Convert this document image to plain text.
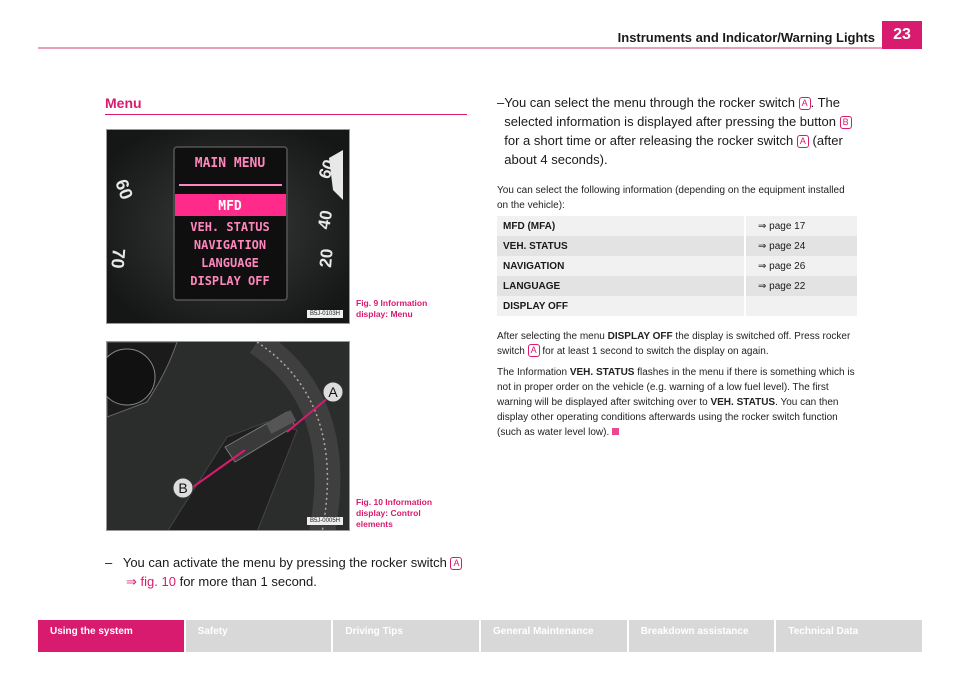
Instruments and Indicator/Warning Lights	23
Menu
60
70
60
40
20
MAIN MENU
MFD
VEH. STATUS
NAVIGATION
LANGUAGE
DISPLAY OFF
B5J-0103H
Fig. 9 Information display: Menu
A
B
B5J-0005H
Fig. 10 Information display: Control elements
– You can activate the menu by pressing the rocker switch A
⇒ fig. 10 for more than 1 second.
– You can select the menu through the rocker switch A . The selected information is displayed after pressing the button B for a short time or after releasing the rocker switch A (after about 4 seconds).

You can select the following information (depending on the equipment installed on the vehicle):

MFD (MFA)	⇒ page 17
VEH. STATUS	⇒ page 24
NAVIGATION	⇒ page 26
LANGUAGE	⇒ page 22
DISPLAY OFF	

After selecting the menu DISPLAY OFF the display is switched off. Press rocker switch A for at least 1 second to switch the display on again.

The Information VEH. STATUS flashes in the menu if there is something which is not in proper order on the vehicle (e.g. warning of a low fuel level). The first warning will be displayed after switching over to VEH. STATUS. You can then display other operating conditions afterwards using the rocker switch function (such as water level low).

Using the system	Safety	Driving Tips	General Maintenance	Breakdown assistance	Technical Data
